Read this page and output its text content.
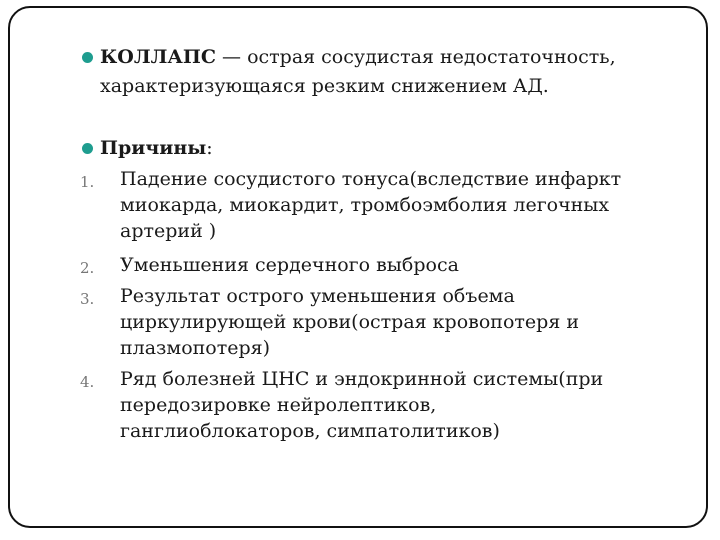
КОЛЛАПС — острая сосудистая недостаточность,
характеризующаяся резким снижением АД.
Причины:
1. Падение сосудистого тонуса(вследствие инфаркт
миокарда, миокардит, тромбоэмболия легочных
артерий )
2. Уменьшения сердечного выброса
3. Результат острого уменьшения объема
циркулирующей крови(острая кровопотеря и
плазмопотеря)
4. Ряд болезней ЦНС и эндокринной системы(при
передозировке нейролептиков,
ганглиоблокаторов, симпатолитиков)
